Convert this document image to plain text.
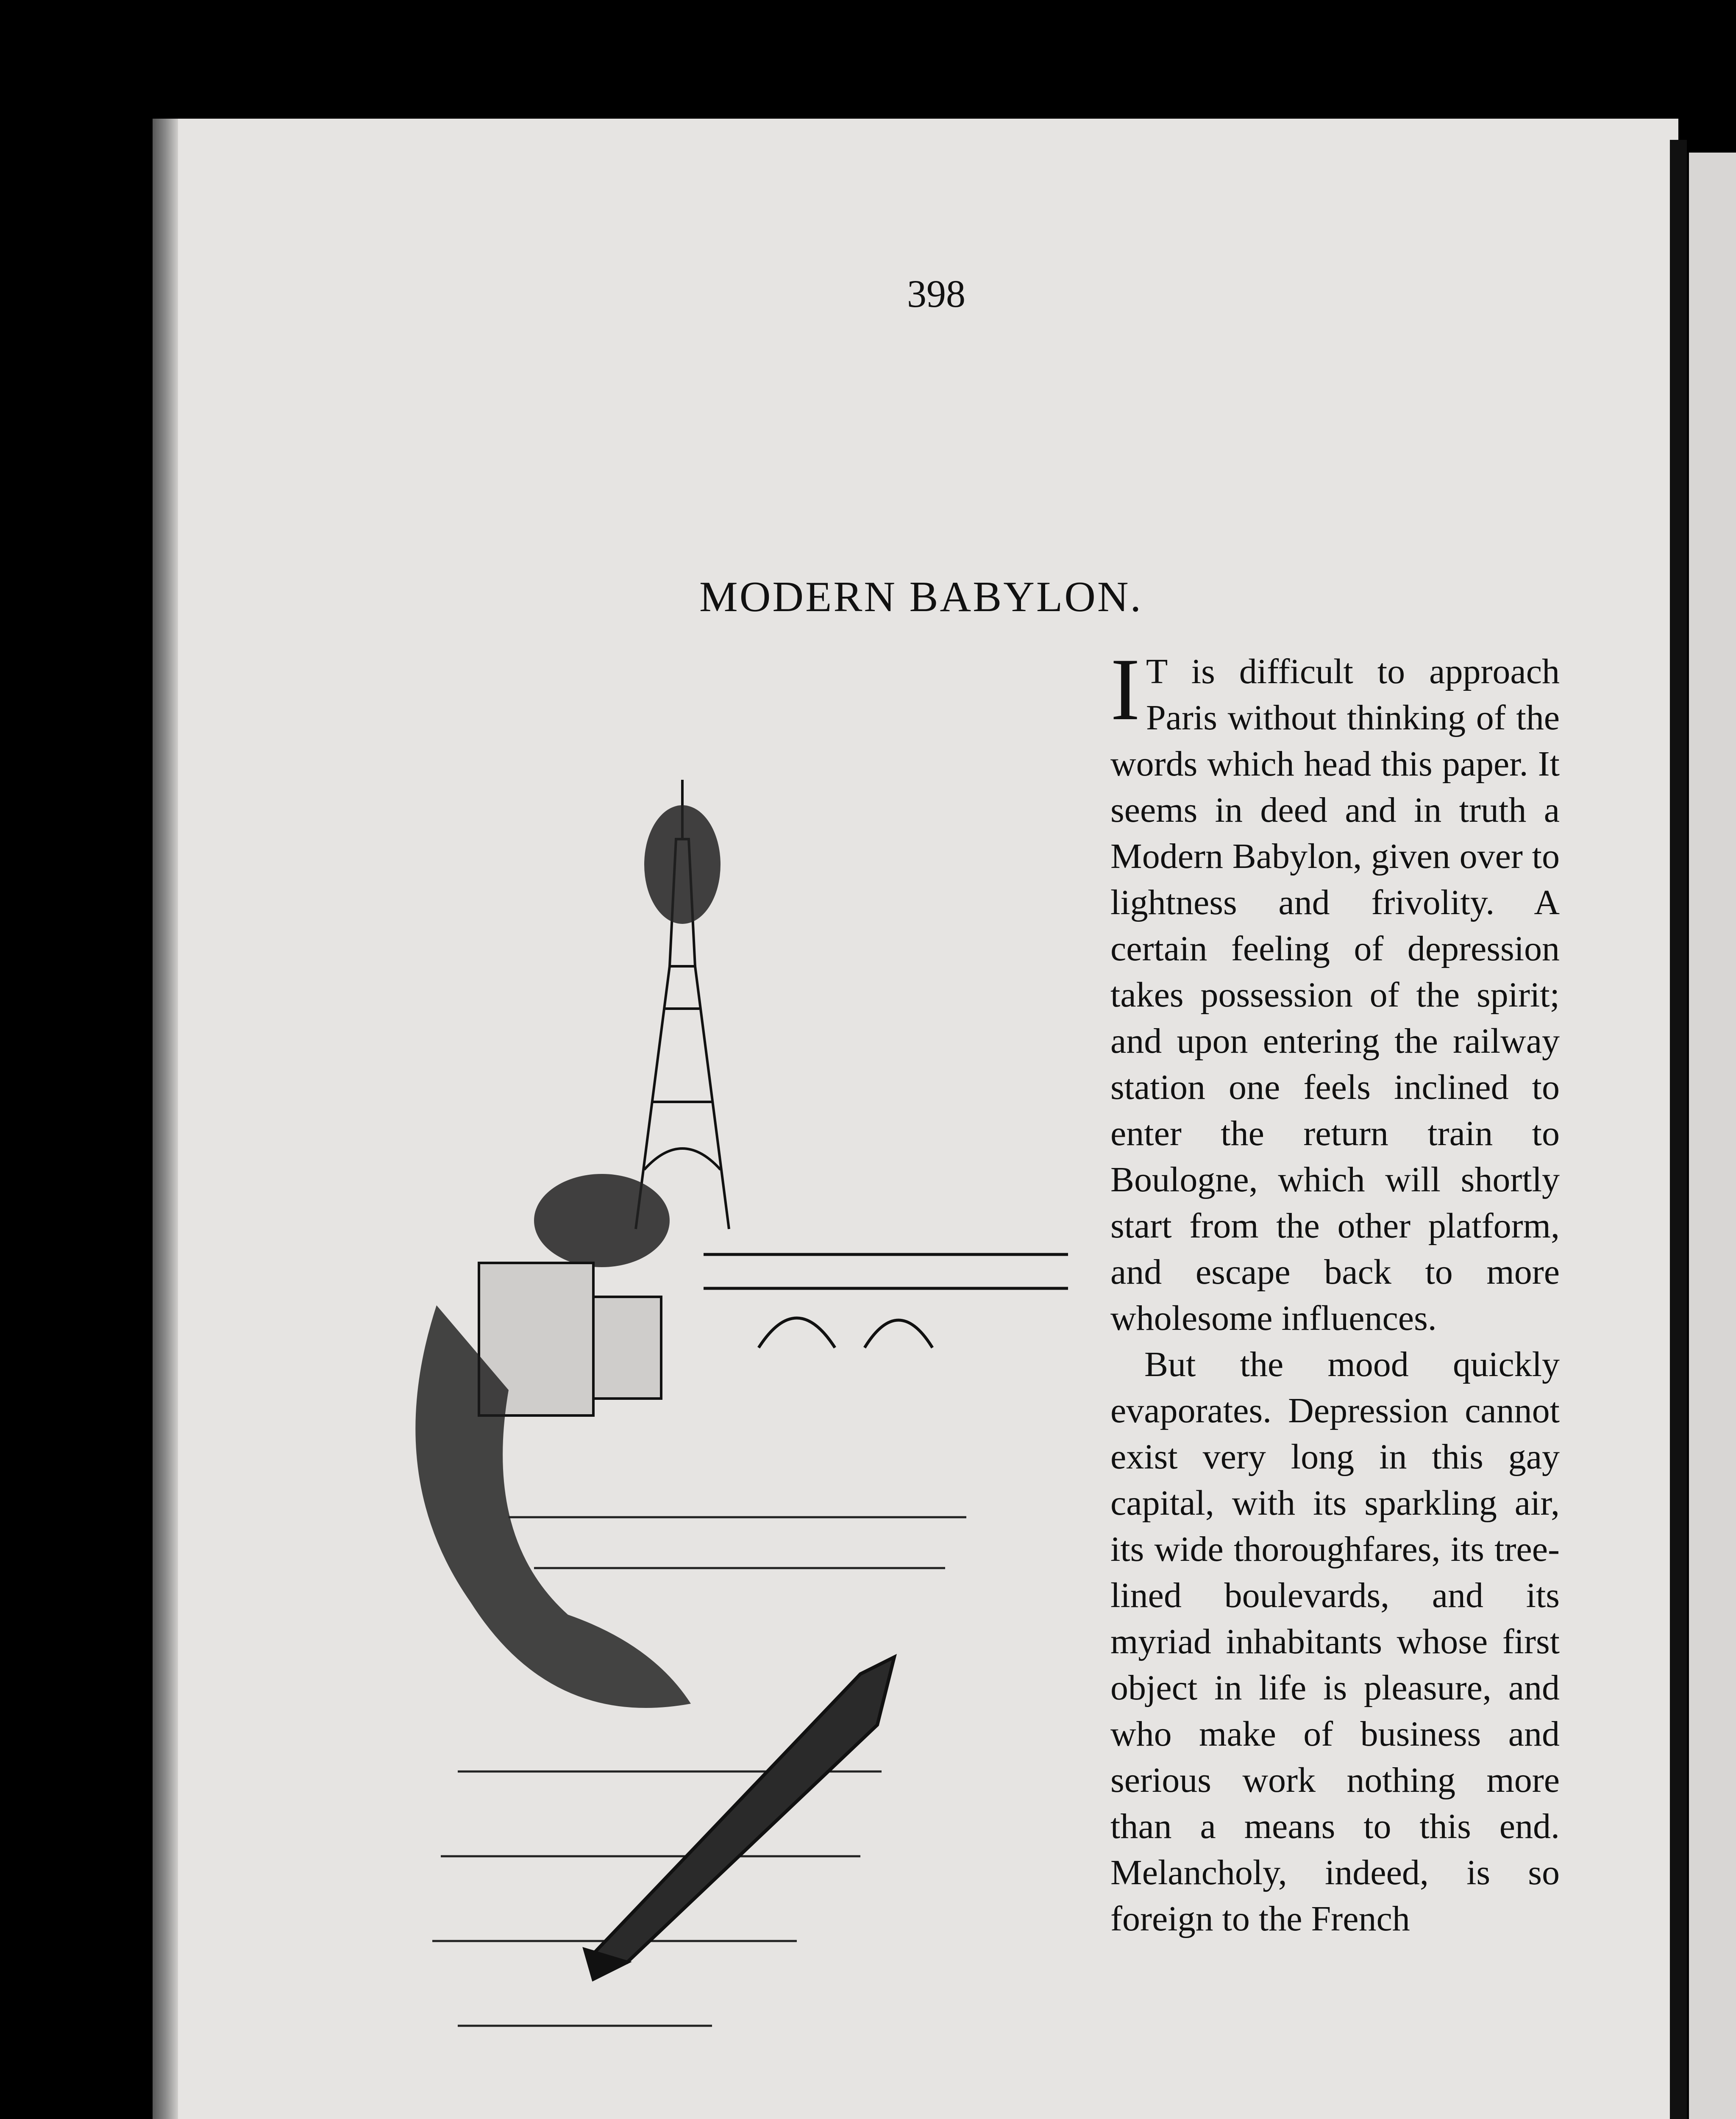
398
MODERN BABYLON.

I T is difficult to approach Paris without thinking of the words which head this paper. It seems in deed and in truth a Modern Babylon, given over to lightness and frivolity. A certain feeling of depression takes possession of the spirit; and upon entering the railway station one feels inclined to enter the return train to Boulogne, which will shortly start from the other platform, and escape back to more wholesome influences.

But the mood quickly evaporates. Depression cannot exist very long in this gay capital, with its sparkling air, its wide thoroughfares, its tree-lined boulevards, and its myriad inhabitants whose first object in life is pleasure, and who make of business and serious work nothing more than a means to this end. Melancholy, indeed, is so foreign to the French
